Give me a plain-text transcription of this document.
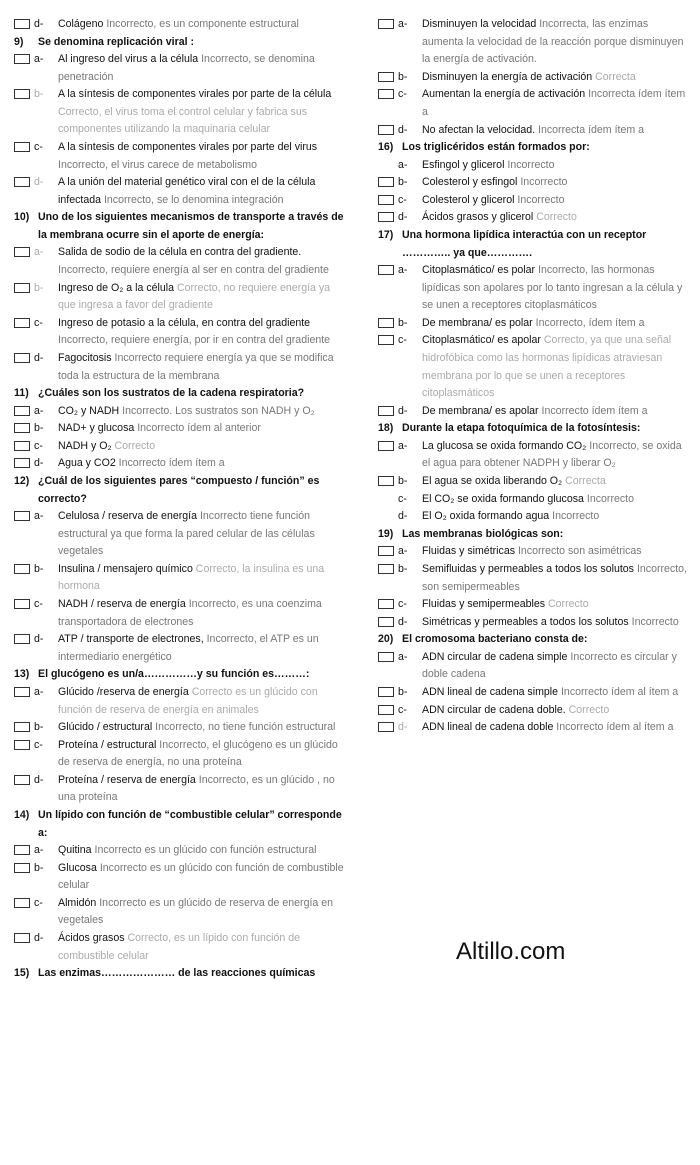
d-	Colágeno Incorrecto, es un componente estructural
9)	Se denomina replicación viral :
a-	Al ingreso del virus a la célula Incorrecto, se denomina penetración
b-	A la síntesis de componentes virales por parte de la célula Correcto, el virus toma el control celular y fabrica sus componentes utilizando la maquinaria celular
c-	A la síntesis de componentes virales por parte del virus Incorrecto, el virus carece de metabolismo
d-	A la unión del material genético viral con el de la célula infectada Incorrecto, se lo denomina integración
10) Uno de los siguientes mecanismos de transporte a través de la membrana ocurre sin el aporte de energía:
a-	Salida de sodio de la célula en contra del gradiente. Incorrecto, requiere energía al ser en contra del gradiente
b-	Ingreso de O₂ a la célula Correcto, no requiere energía ya que ingresa a favor del gradiente
c-	Ingreso de potasio a la célula, en contra del gradiente Incorrecto, requiere energía, por ir en contra del gradiente
d-	Fagocitosis Incorrecto requiere energía ya que se modifica toda la estructura de la membrana
11) ¿Cuáles son los sustratos de la cadena respiratoria?
a-	CO₂ y NADH Incorrecto. Los sustratos son NADH y O₂
b-	NAD+ y glucosa Incorrecto ídem al anterior
c-	NADH y O₂ Correcto
d-	Agua y CO2 Incorrecto ídem ítem a
12) ¿Cuál de los siguientes pares “compuesto / función” es correcto?
a-	Celulosa / reserva de energía Incorrecto tiene función estructural ya que forma la pared celular de las células vegetales
b-	Insulina / mensajero químico Correcto, la insulina es una hormona
c-	NADH / reserva de energía Incorrecto, es una coenzima transportadora de electrones
d-	ATP / transporte de electrones, Incorrecto, el ATP es un intermediario energético
13) El glucógeno es un/a……………y su función es………:
a-	Glúcido /reserva de energía Correcto es un glúcido con función de reserva de energía en animales
b-	Glúcido / estructural Incorrecto, no tiene función estructural
c-	Proteína / estructural Incorrecto, el glucógeno es un glúcido de reserva de energía, no una proteína
d-	Proteína / reserva de energía Incorrecto, es un glúcido , no una proteína
14) Un lípido con función de “combustible celular” corresponde a:
a-	Quitina Incorrecto es un glúcido con función estructural
b-	Glucosa Incorrecto es un glúcido con función de combustible celular
c-	Almidón Incorrecto es un glúcido de reserva de energía en vegetales
d-	Ácidos grasos Correcto, es un lípido con función de combustible celular
15) Las enzimas………………… de las reacciones químicas
a-	Disminuyen la velocidad Incorrecta, las enzimas aumenta la velocidad de la reacción porque disminuyen la energía de activación.
b-	Disminuyen la energía de activación Correcta
c-	Aumentan la energía de activación Incorrecta ídem ítem a
d-	No afectan la velocidad. Incorrecta ídem ítem a
16) Los triglicéridos están formados por:
a-	Esfingol y glicerol Incorrecto
b-	Colesterol y esfingol Incorrecto
c-	Colesterol y glicerol Incorrecto
d-	Ácidos grasos y glicerol Correcto
17) Una hormona lipídica interactúa con un receptor ………….. ya que………….
a-	Citoplasmático/ es polar Incorrecto, las hormonas lipídicas son apolares por lo tanto ingresan a la célula y se unen a receptores citoplasmáticos
b-	De membrana/ es polar Incorrecto, ídem ítem a
c-	Citoplasmático/ es apolar Correcto, ya que una señal hidrofóbica como las hormonas lipídicas atraviesan membrana por lo que se unen a receptores citoplasmáticos
d-	De membrana/ es apolar Incorrecto ídem ítem a
18) Durante la etapa fotoquímica de la fotosíntesis:
a-	La glucosa se oxida formando CO₂ Incorrecto, se oxida el agua para obtener NADPH y liberar O₂
b-	El agua se oxida liberando O₂ Correcta
c-	El CO₂ se oxida formando glucosa Incorrecto
d-	El O₂ oxida formando agua Incorrecto
19) Las membranas biológicas son:
a-	Fluidas y simétricas Incorrecto son asimétricas
b-	Semifluidas y permeables a todos los solutos Incorrecto, son semipermeables
c-	Fluidas y semipermeables Correcto
d-	Simétricas y permeables a todos los solutos Incorrecto
20) El cromosoma bacteriano consta de:
a-	ADN circular de cadena simple Incorrecto es circular y doble cadena
b-	ADN lineal de cadena simple Incorrecto ídem al ítem a
c-	ADN circular de cadena doble. Correcto
d-	ADN lineal de cadena doble Incorrecto ídem al ítem a
Altillo.com
